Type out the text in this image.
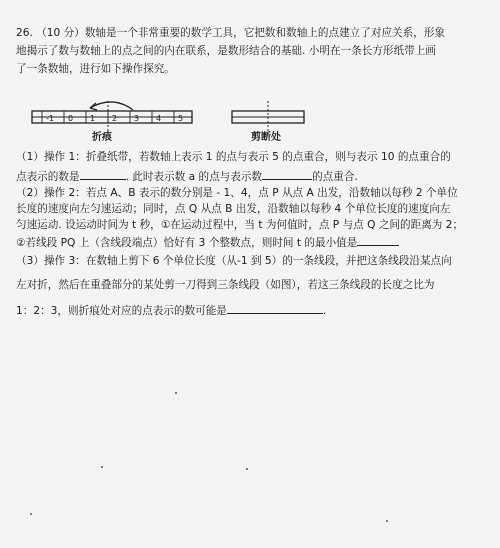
26. （10 分）数轴是一个非常重要的数学工具，它把数和数轴上的点建立了对应关系，形象
地揭示了数与数轴上的点之间的内在联系，是数形结合的基础. 小明在一条长方形纸带上画
了一条数轴，进行如下操作探究。
-1 0 1 2 3 4 5
折痕	剪断处
（1）操作 1：折叠纸带，若数轴上表示 1 的点与表示 5 的点重合，则与表示 10 的点重合的
点表示的数是	. 此时表示数 a 的点与表示数	的点重合.
（2）操作 2：若点 A、B 表示的数分别是 - 1、4，点 P 从点 A 出发，沿数轴以每秒 2 个单位
长度的速度向左匀速运动；同时，点 Q 从点 B 出发，沿数轴以每秒 4 个单位长度的速度向左
匀速运动. 设运动时间为 t 秒，①在运动过程中，当 t 为何值时，点 P 与点 Q 之间的距离为 2；
②若线段 PQ 上（含线段端点）恰好有 3 个整数点，则时间 t 的最小值是
（3）操作 3：在数轴上剪下 6 个单位长度（从-1 到 5）的一条线段，并把这条线段沿某点向
左对折，然后在重叠部分的某处剪一刀得到三条线段（如图），若这三条线段的长度之比为
1：2：3，则折痕处对应的点表示的数可能是	.
